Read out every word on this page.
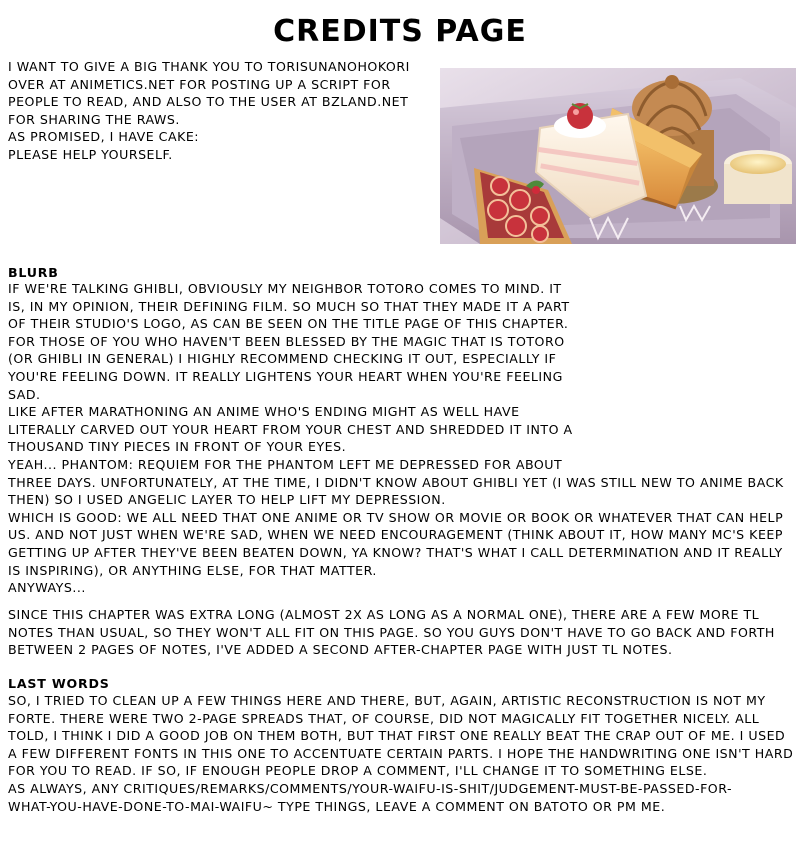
CREDITS PAGE

I WANT TO GIVE A BIG THANK YOU TO TORISUNANOHOKORI
OVER AT ANIMETICS.NET FOR POSTING UP A SCRIPT FOR
PEOPLE TO READ, AND ALSO TO THE USER AT BZLAND.NET
FOR SHARING THE RAWS.
AS PROMISED, I HAVE CAKE:
PLEASE HELP YOURSELF.

BLURB

IF WE'RE TALKING GHIBLI, OBVIOUSLY MY NEIGHBOR TOTORO COMES TO MIND. IT
IS, IN MY OPINION, THEIR DEFINING FILM. SO MUCH SO THAT THEY MADE IT A PART
OF THEIR STUDIO'S LOGO, AS CAN BE SEEN ON THE TITLE PAGE OF THIS CHAPTER.
FOR THOSE OF YOU WHO HAVEN'T BEEN BLESSED BY THE MAGIC THAT IS TOTORO
(OR GHIBLI IN GENERAL) I HIGHLY RECOMMEND CHECKING IT OUT, ESPECIALLY IF
YOU'RE FEELING DOWN. IT REALLY LIGHTENS YOUR HEART WHEN YOU'RE FEELING
SAD.
LIKE AFTER MARATHONING AN ANIME WHO'S ENDING MIGHT AS WELL HAVE
LITERALLY CARVED OUT YOUR HEART FROM YOUR CHEST AND SHREDDED IT INTO A
THOUSAND TINY PIECES IN FRONT OF YOUR EYES.
YEAH... PHANTOM: REQUIEM FOR THE PHANTOM LEFT ME DEPRESSED FOR ABOUT
THREE DAYS. UNFORTUNATELY, AT THE TIME, I DIDN'T KNOW ABOUT GHIBLI YET (I WAS STILL NEW TO ANIME BACK
THEN) SO I USED ANGELIC LAYER TO HELP LIFT MY DEPRESSION.
WHICH IS GOOD: WE ALL NEED THAT ONE ANIME OR TV SHOW OR MOVIE OR BOOK OR WHATEVER THAT CAN HELP
US. AND NOT JUST WHEN WE'RE SAD, WHEN WE NEED ENCOURAGEMENT (THINK ABOUT IT, HOW MANY MC'S KEEP
GETTING UP AFTER THEY'VE BEEN BEATEN DOWN, YA KNOW? THAT'S WHAT I CALL DETERMINATION AND IT REALLY
IS INSPIRING), OR ANYTHING ELSE, FOR THAT MATTER.
ANYWAYS...

SINCE THIS CHAPTER WAS EXTRA LONG (ALMOST 2X AS LONG AS A NORMAL ONE), THERE ARE A FEW MORE TL
NOTES THAN USUAL, SO THEY WON'T ALL FIT ON THIS PAGE. SO YOU GUYS DON'T HAVE TO GO BACK AND FORTH
BETWEEN 2 PAGES OF NOTES, I'VE ADDED A SECOND AFTER-CHAPTER PAGE WITH JUST TL NOTES.

LAST WORDS

SO, I TRIED TO CLEAN UP A FEW THINGS HERE AND THERE, BUT, AGAIN, ARTISTIC RECONSTRUCTION IS NOT MY
FORTE. THERE WERE TWO 2-PAGE SPREADS THAT, OF COURSE, DID NOT MAGICALLY FIT TOGETHER NICELY. ALL
TOLD, I THINK I DID A GOOD JOB ON THEM BOTH, BUT THAT FIRST ONE REALLY BEAT THE CRAP OUT OF ME. I USED
A FEW DIFFERENT FONTS IN THIS ONE TO ACCENTUATE CERTAIN PARTS. I HOPE THE HANDWRITING ONE ISN'T HARD
FOR YOU TO READ. IF SO, IF ENOUGH PEOPLE DROP A COMMENT, I'LL CHANGE IT TO SOMETHING ELSE.
AS ALWAYS, ANY CRITIQUES/REMARKS/COMMENTS/YOUR-WAIFU-IS-SHIT/JUDGEMENT-MUST-BE-PASSED-FOR-
WHAT-YOU-HAVE-DONE-TO-MAI-WAIFU~ TYPE THINGS, LEAVE A COMMENT ON BATOTO OR PM ME.
